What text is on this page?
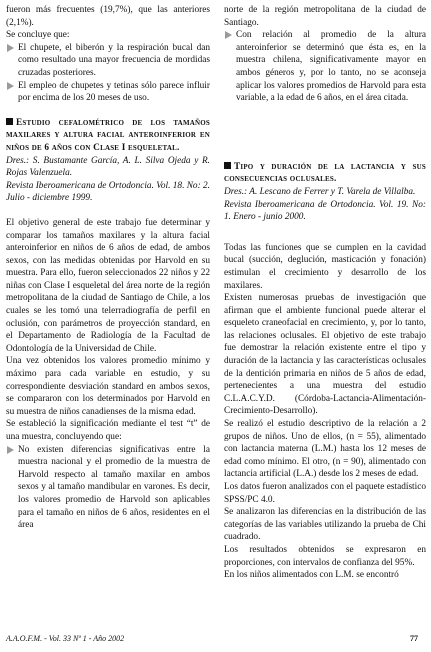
fueron más frecuentes (19,7%), que las anteriores (2,1%).

Se concluye que:

El chupete, el biberón y la respiración bucal dan como resultado una mayor frecuencia de mordidas cruzadas posteriores.
El empleo de chupetes y tetinas sólo parece influir por encima de los 20 meses de uso.

Estudio cefalométrico de los tamaños maxilares y altura facial anteroinferior en niños de 6 años con Clase I esqueletal.

Dres.: S. Bustamante García, A. L. Silva Ojeda y R. Rojas Valenzuela.

Revista Iberoamericana de Ortodoncia. Vol. 18. No: 2. Julio - diciembre 1999.

El objetivo general de este trabajo fue determinar y comparar los tamaños maxilares y la altura facial anteroinferior en niños de 6 años de edad, de ambos sexos, con las medidas obtenidas por Harvold en su muestra. Para ello, fueron seleccionados 22 niños y 22 niñas con Clase I esqueletal del área norte de la región metropolitana de la ciudad de Santiago de Chile, a los cuales se les tomó una telerradiografía de perfil en oclusión, con parámetros de proyección standard, en el Departamento de Radiología de la Facultad de Odontología de la Universidad de Chile.

Una vez obtenidos los valores promedio mínimo y máximo para cada variable en estudio, y su correspondiente desviación standard en ambos sexos, se compararon con los determinados por Harvold en su muestra de niños canadienses de la misma edad.

Se estableció la significación mediante el test “t” de una muestra, concluyendo que:

No existen diferencias significativas entre la muestra nacional y el promedio de la muestra de Harvold respecto al tamaño maxilar en ambos sexos y al tamaño mandibular en varones. Es decir, los valores promedio de Harvold son aplicables para el tamaño en niños de 6 años, residentes en el área

norte de la región metropolitana de la ciudad de Santiago.

Con relación al promedio de la altura anteroinferior se determinó que ésta es, en la muestra chilena, significativamente mayor en ambos géneros y, por lo tanto, no se aconseja aplicar los valores promedios de Harvold para esta variable, a la edad de 6 años, en el área citada.

Tipo y duración de la lactancia y sus consecuencias oclusales.

Dres.: A. Lescano de Ferrer y T. Varela de Villalba.

Revista Iberoamericana de Ortodoncia. Vol. 19. No: 1. Enero - junio 2000.

Todas las funciones que se cumplen en la cavidad bucal (succión, deglución, masticación y fonación) estimulan el crecimiento y desarrollo de los maxilares.

Existen numerosas pruebas de investigación que afirman que el ambiente funcional puede alterar el esqueleto craneofacial en crecimiento, y, por lo tanto, las relaciones oclusales. El objetivo de este trabajo fue demostrar la relación existente entre el tipo y duración de la lactancia y las características oclusales de la dentición primaria en niños de 5 años de edad, pertenecientes a una muestra del estudio C.L.A.C.Y.D. (Córdoba-Lactancia-Alimentación-Crecimiento-Desarrollo).

Se realizó el estudio descriptivo de la relación a 2 grupos de niños. Uno de ellos, (n = 55), alimentado con lactancia materna (L.M.) hasta los 12 meses de edad como mínimo. El otro, (n = 90), alimentado con lactancia artificial (L.A.) desde los 2 meses de edad.

Los datos fueron analizados con el paquete estadístico SPSS/PC 4.0.

Se analizaron las diferencias en la distribución de las categorías de las variables utilizando la prueba de Chi cuadrado.

Los resultados obtenidos se expresaron en proporciones, con intervalos de confianza del 95%.

En los niños alimentados con L.M. se encontró

A.A.O.F.M. - Vol. 33 Nº 1 - Año 2002	77
